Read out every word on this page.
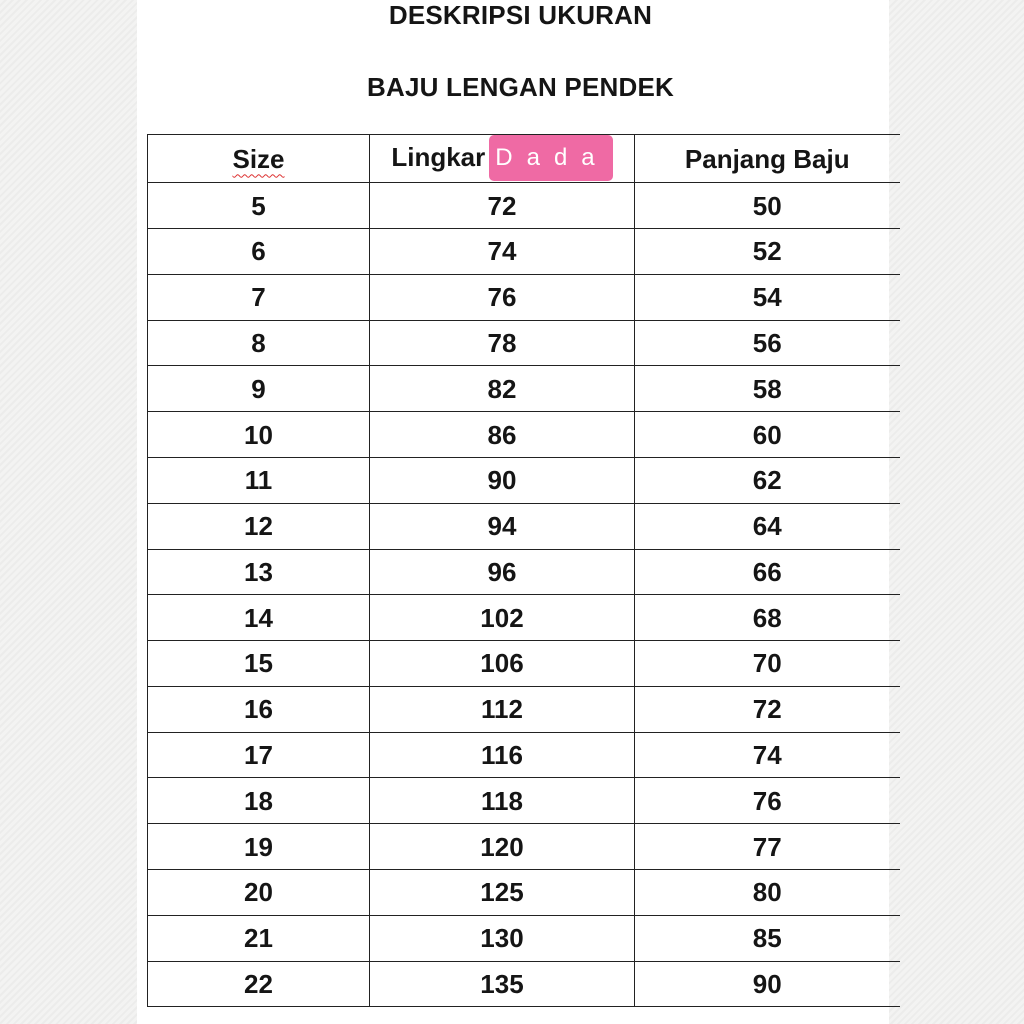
DESKRIPSI UKURAN
BAJU LENGAN PENDEK
Size	Lingkar Dada	Panjang Baju
5	72	50
6	74	52
7	76	54
8	78	56
9	82	58
10	86	60
11	90	62
12	94	64
13	96	66
14	102	68
15	106	70
16	112	72
17	116	74
18	118	76
19	120	77
20	125	80
21	130	85
22	135	90
